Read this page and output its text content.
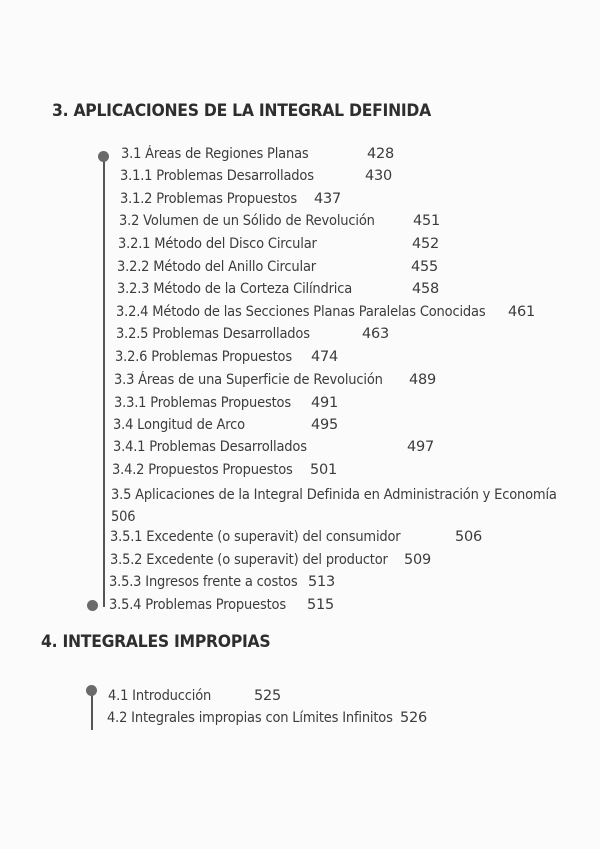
3. APLICACIONES DE LA INTEGRAL DEFINIDA
3.1 Áreas de Regiones Planas	428
3.1.1 Problemas Desarrollados	430
3.1.2 Problemas Propuestos 437
3.2 Volumen de un Sólido de Revolución	451
3.2.1 Método del Disco Circular	452
3.2.2 Método del Anillo Circular	455
3.2.3 Método de la Corteza Cilíndrica	458
3.2.4 Método de las Secciones Planas Paralelas Conocidas 461
3.2.5 Problemas Desarrollados	463
3.2.6 Problemas Propuestos 474
3.3 Áreas de una Superficie de Revolución 489
3.3.1 Problemas Propuestos 491
3.4 Longitud de Arco	495
3.4.1 Problemas Desarrollados	497
3.4.2 Propuestos Propuestos 501
3.5 Aplicaciones de la Integral Definida en Administración y Economía 506
3.5.1 Excedente (o superavit) del consumidor	506
3.5.2 Excedente (o superavit) del productor 509
3.5.3 Ingresos frente a costos 513
3.5.4 Problemas Propuestos 515
4. INTEGRALES IMPROPIAS
4.1 Introducción	525
4.2 Integrales impropias con Límites Infinitos 526
